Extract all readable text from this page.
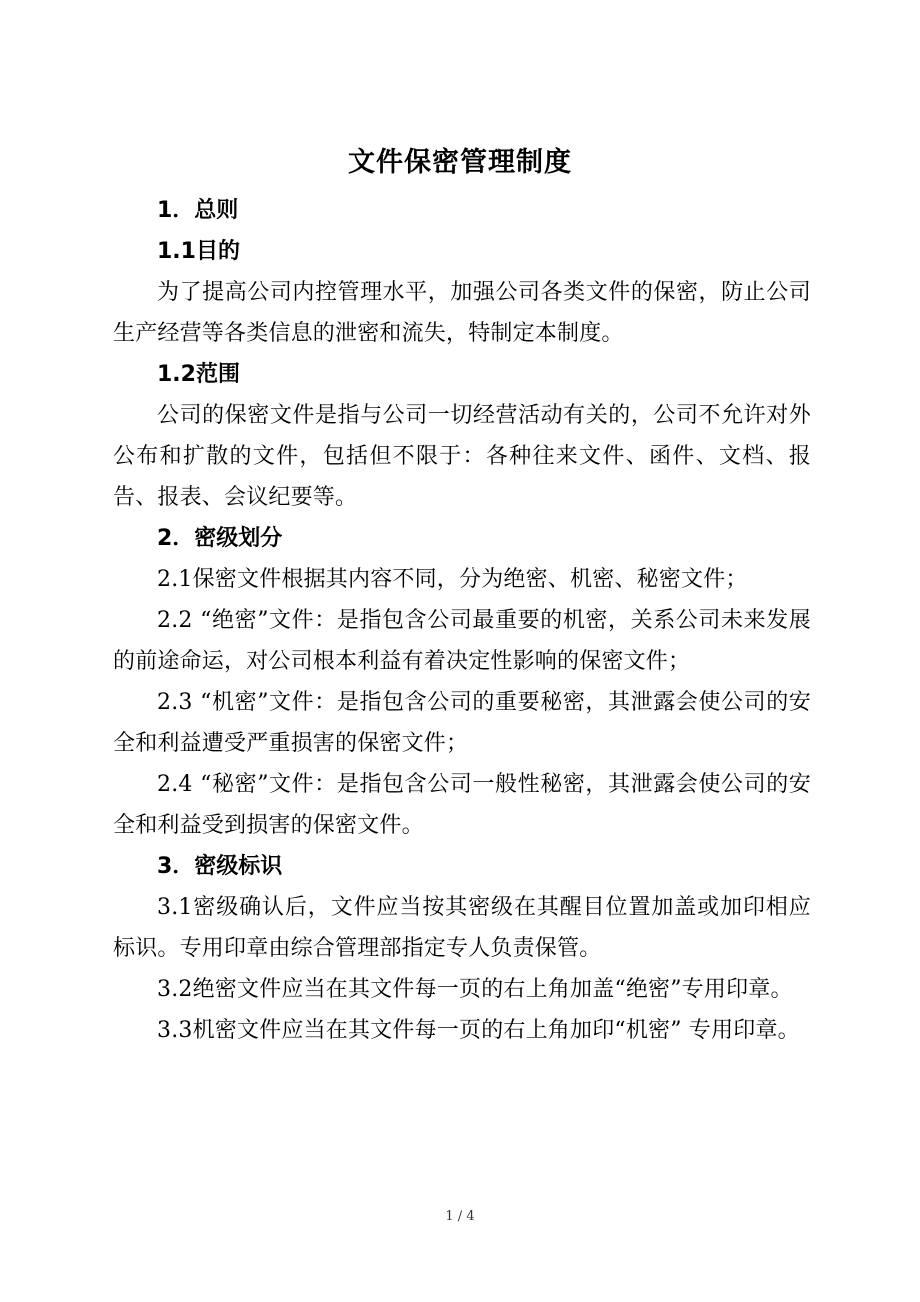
文件保密管理制度

1．总则

1.1目的

为了提高公司内控管理水平，加强公司各类文件的保密，防止公司生产经营等各类信息的泄密和流失，特制定本制度。

1.2范围

公司的保密文件是指与公司一切经营活动有关的，公司不允许对外公布和扩散的文件，包括但不限于：各种往来文件、函件、文档、报告、报表、会议纪要等。

2．密级划分

2.1保密文件根据其内容不同，分为绝密、机密、秘密文件；

2.2 “绝密”文件：是指包含公司最重要的机密，关系公司未来发展的前途命运，对公司根本利益有着决定性影响的保密文件；

2.3 “机密”文件：是指包含公司的重要秘密，其泄露会使公司的安全和利益遭受严重损害的保密文件；

2.4 “秘密”文件：是指包含公司一般性秘密，其泄露会使公司的安全和利益受到损害的保密文件。

3．密级标识

3.1密级确认后，文件应当按其密级在其醒目位置加盖或加印相应标识。专用印章由综合管理部指定专人负责保管。

3.2绝密文件应当在其文件每一页的右上角加盖“绝密”专用印章。

3.3机密文件应当在其文件每一页的右上角加印“机密” 专用印章。

1 / 4
